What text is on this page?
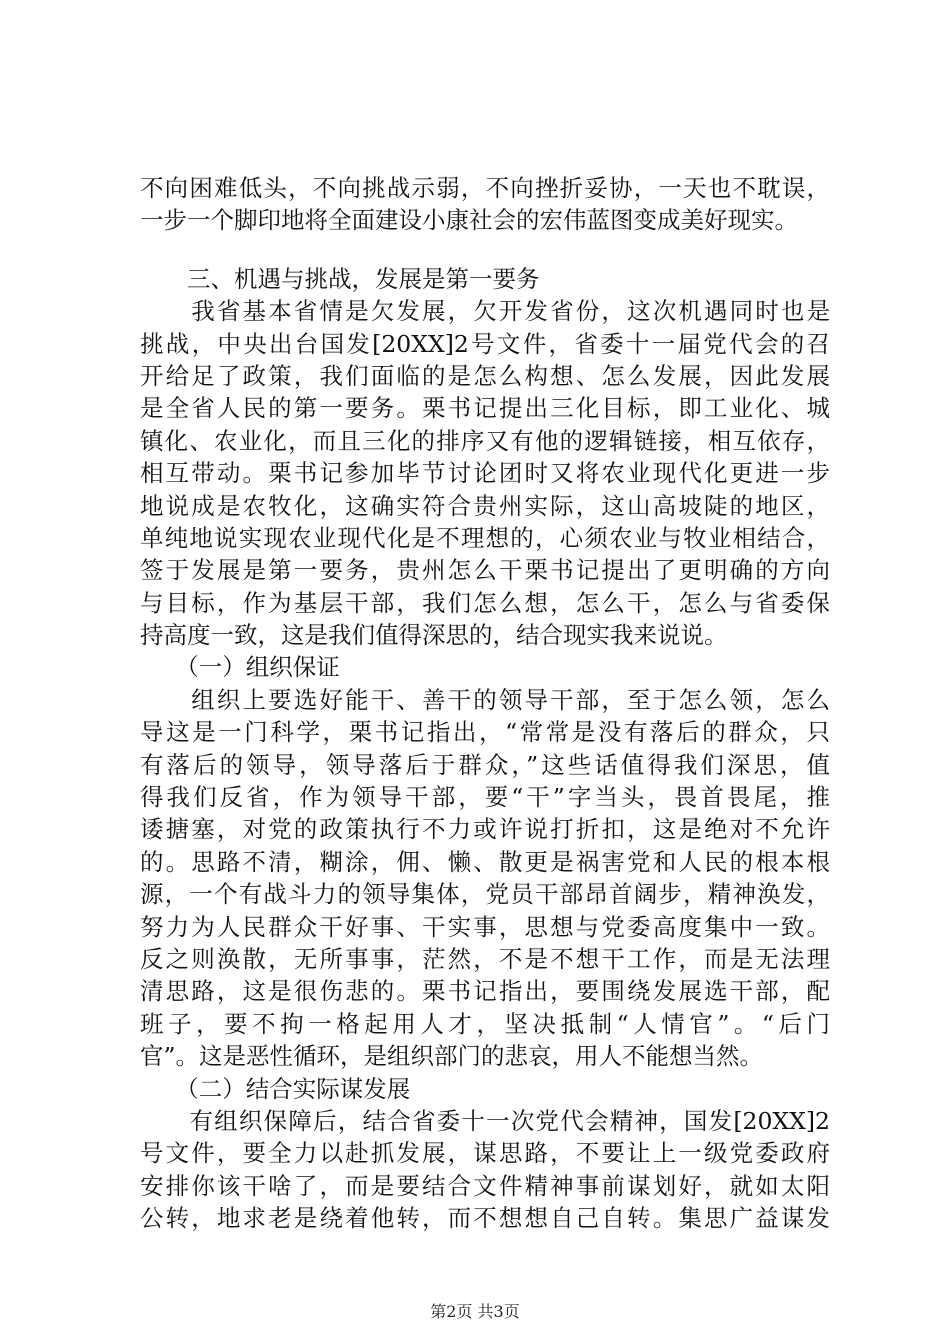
不向困难低头，不向挑战示弱，不向挫折妥协，一天也不耽误，
一步一个脚印地将全面建设小康社会的宏伟蓝图变成美好现实。
　　三、机遇与挑战，发展是第一要务
　　我省基本省情是欠发展，欠开发省份，这次机遇同时也是
挑战，中央出台国发[20XX]2号文件，省委十一届党代会的召
开给足了政策，我们面临的是怎么构想、怎么发展，因此发展
是全省人民的第一要务。栗书记提出三化目标，即工业化、城
镇化、农业化，而且三化的排序又有他的逻辑链接，相互依存，
相互带动。栗书记参加毕节讨论团时又将农业现代化更进一步
地说成是农牧化，这确实符合贵州实际，这山高坡陡的地区，
单纯地说实现农业现代化是不理想的，心须农业与牧业相结合，
签于发展是第一要务，贵州怎么干栗书记提出了更明确的方向
与目标，作为基层干部，我们怎么想，怎么干，怎么与省委保
持高度一致，这是我们值得深思的，结合现实我来说说。
　　（一）组织保证
　　组织上要选好能干、善干的领导干部，至于怎么领，怎么
导这是一门科学，栗书记指出，“常常是没有落后的群众，只
有落后的领导，领导落后于群众，”这些话值得我们深思，值
得我们反省，作为领导干部，要“干”字当头，畏首畏尾，推
诿搪塞，对党的政策执行不力或许说打折扣，这是绝对不允许
的。思路不清，糊涂，佣、懒、散更是祸害党和人民的根本根
源，一个有战斗力的领导集体，党员干部昂首阔步，精神涣发，
努力为人民群众干好事、干实事，思想与党委高度集中一致。
反之则涣散，无所事事，茫然，不是不想干工作，而是无法理
清思路，这是很伤悲的。栗书记指出，要围绕发展选干部，配
班子，要不拘一格起用人才，坚决抵制“人情官”。“后门
官”。这是恶性循环，是组织部门的悲哀，用人不能想当然。
　　（二）结合实际谋发展
　　有组织保障后，结合省委十一次党代会精神，国发[20XX]2
号文件，要全力以赴抓发展，谋思路，不要让上一级党委政府
安排你该干啥了，而是要结合文件精神事前谋划好，就如太阳
公转，地求老是绕着他转，而不想想自己自转。集思广益谋发
第2页 共3页
